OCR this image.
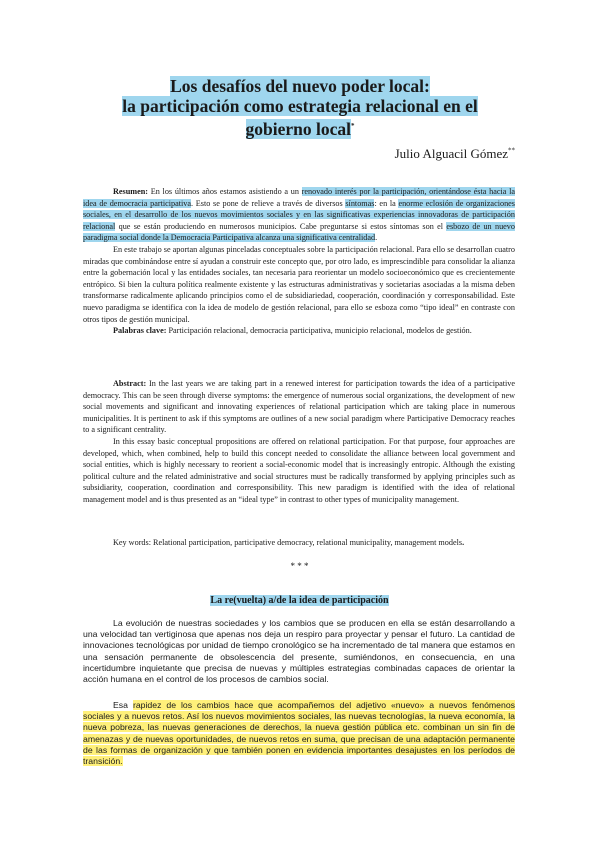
Los desafíos del nuevo poder local:
la participación como estrategia relacional en el
gobierno local*
Julio Alguacil Gómez**

Resumen: En los últimos años estamos asistiendo a un renovado interés por la participación, orientándose ésta hacia la idea de democracia participativa. Esto se pone de relieve a través de diversos síntomas: en la enorme eclosión de organizaciones sociales, en el desarrollo de los nuevos movimientos sociales y en las significativas experiencias innovadoras de participación relacional que se están produciendo en numerosos municipios. Cabe preguntarse si estos síntomas son el esbozo de un nuevo paradigma social donde la Democracia Participativa alcanza una significativa centralidad.

En este trabajo se aportan algunas pinceladas conceptuales sobre la participación relacional. Para ello se desarrollan cuatro miradas que combinándose entre sí ayudan a construir este concepto que, por otro lado, es imprescindible para consolidar la alianza entre la gobernación local y las entidades sociales, tan necesaria para reorientar un modelo socioeconómico que es crecientemente entrópico. Si bien la cultura política realmente existente y las estructuras administrativas y societarias asociadas a la misma deben transformarse radicalmente aplicando principios como el de subsidiariedad, cooperación, coordinación y corresponsabilidad. Este nuevo paradigma se identifica con la idea de modelo de gestión relacional, para ello se esboza como “tipo ideal” en contraste con otros tipos de gestión municipal.

Palabras clave: Participación relacional, democracia participativa, municipio relacional, modelos de gestión.

Abstract: In the last years we are taking part in a renewed interest for participation towards the idea of a participative democracy. This can be seen through diverse symptoms: the emergence of numerous social organizations, the development of new social movements and significant and innovating experiences of relational participation which are taking place in numerous municipalities. It is pertinent to ask if this symptoms are outlines of a new social paradigm where Participative Democracy reaches to a significant centrality.

In this essay basic conceptual propositions are offered on relational participation. For that purpose, four approaches are developed, which, when combined, help to build this concept needed to consolidate the alliance between local government and social entities, which is highly necessary to reorient a social-economic model that is increasingly entropic. Although the existing political culture and the related administrative and social structures must be radically transformed by applying principles such as subsidiarity, cooperation, coordination and corresponsibility. This new paradigm is identified with the idea of relational management model and is thus presented as an “ideal type” in contrast to other types of municipality management.

Key words: Relational participation, participative democracy, relational municipality, management models.

* * *
La re(vuelta) a/de la idea de participación

La evolución de nuestras sociedades y los cambios que se producen en ella se están desarrollando a una velocidad tan vertiginosa que apenas nos deja un respiro para proyectar y pensar el futuro. La cantidad de innovaciones tecnológicas por unidad de tiempo cronológico se ha incrementado de tal manera que estamos en una sensación permanente de obsolescencia del presente, sumiéndonos, en consecuencia, en una incertidumbre inquietante que precisa de nuevas y múltiples estrategias combinadas capaces de orientar la acción humana en el control de los procesos de cambios social.

Esa rapidez de los cambios hace que acompañemos del adjetivo «nuevo» a nuevos fenómenos sociales y a nuevos retos. Así los nuevos movimientos sociales, las nuevas tecnologías, la nueva economía, la nueva pobreza, las nuevas generaciones de derechos, la nueva gestión pública etc. combinan un sin fin de amenazas y de nuevas oportunidades, de nuevos retos en suma, que precisan de una adaptación permanente de las formas de organización y que también ponen en evidencia importantes desajustes en los períodos de transición.
